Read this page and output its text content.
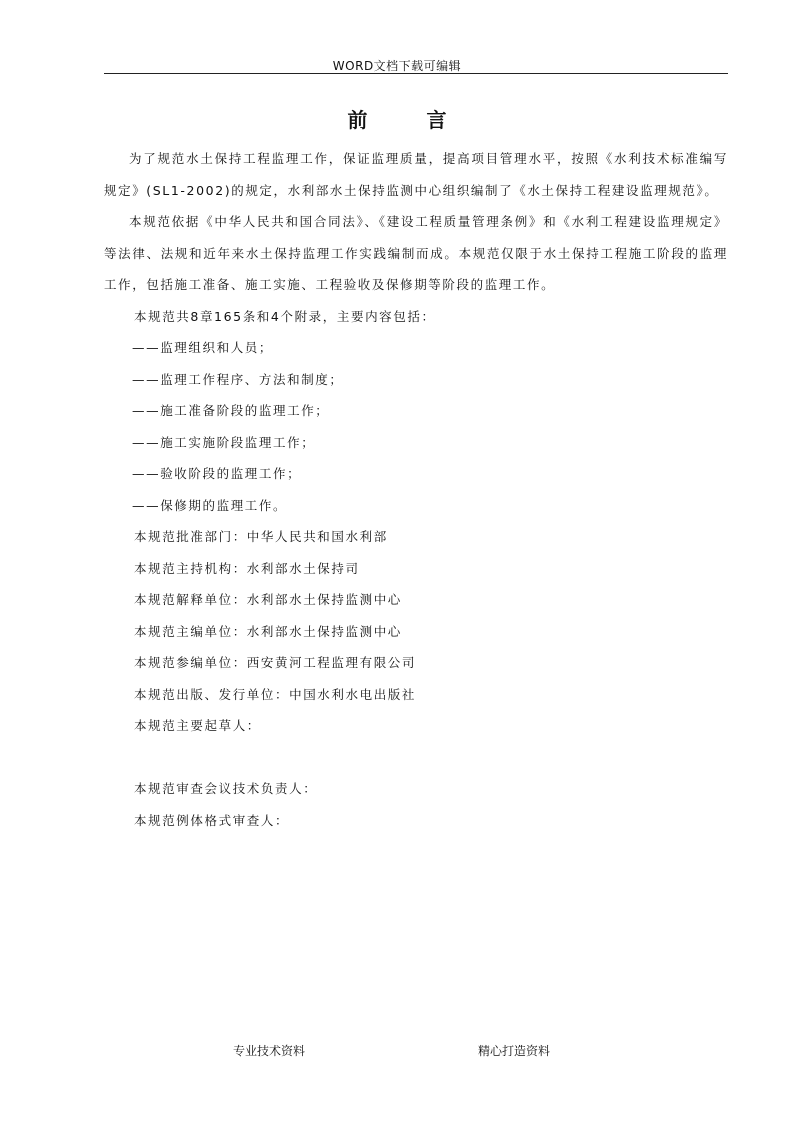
WORD文档下载可编辑
前 言

为了规范水土保持工程监理工作，保证监理质量，提高项目管理水平，按照《水利技术标准编写规定》(SL1-2002)的规定，水利部水土保持监测中心组织编制了《水土保持工程建设监理规范》。

本规范依据《中华人民共和国合同法》、《建设工程质量管理条例》和《水利工程建设监理规定》等法律、法规和近年来水土保持监理工作实践编制而成。本规范仅限于水土保持工程施工阶段的监理工作，包括施工准备、施工实施、工程验收及保修期等阶段的监理工作。

本规范共8章165条和4个附录，主要内容包括：

——监理组织和人员；

——监理工作程序、方法和制度；

——施工准备阶段的监理工作；

——施工实施阶段监理工作；

——验收阶段的监理工作；

——保修期的监理工作。

本规范批准部门：中华人民共和国水利部

本规范主持机构：水利部水土保持司

本规范解释单位：水利部水土保持监测中心

本规范主编单位：水利部水土保持监测中心

本规范参编单位：西安黄河工程监理有限公司

本规范出版、发行单位：中国水利水电出版社

本规范主要起草人：

本规范审查会议技术负责人：

本规范例体格式审查人：

专业技术资料	精心打造资料
